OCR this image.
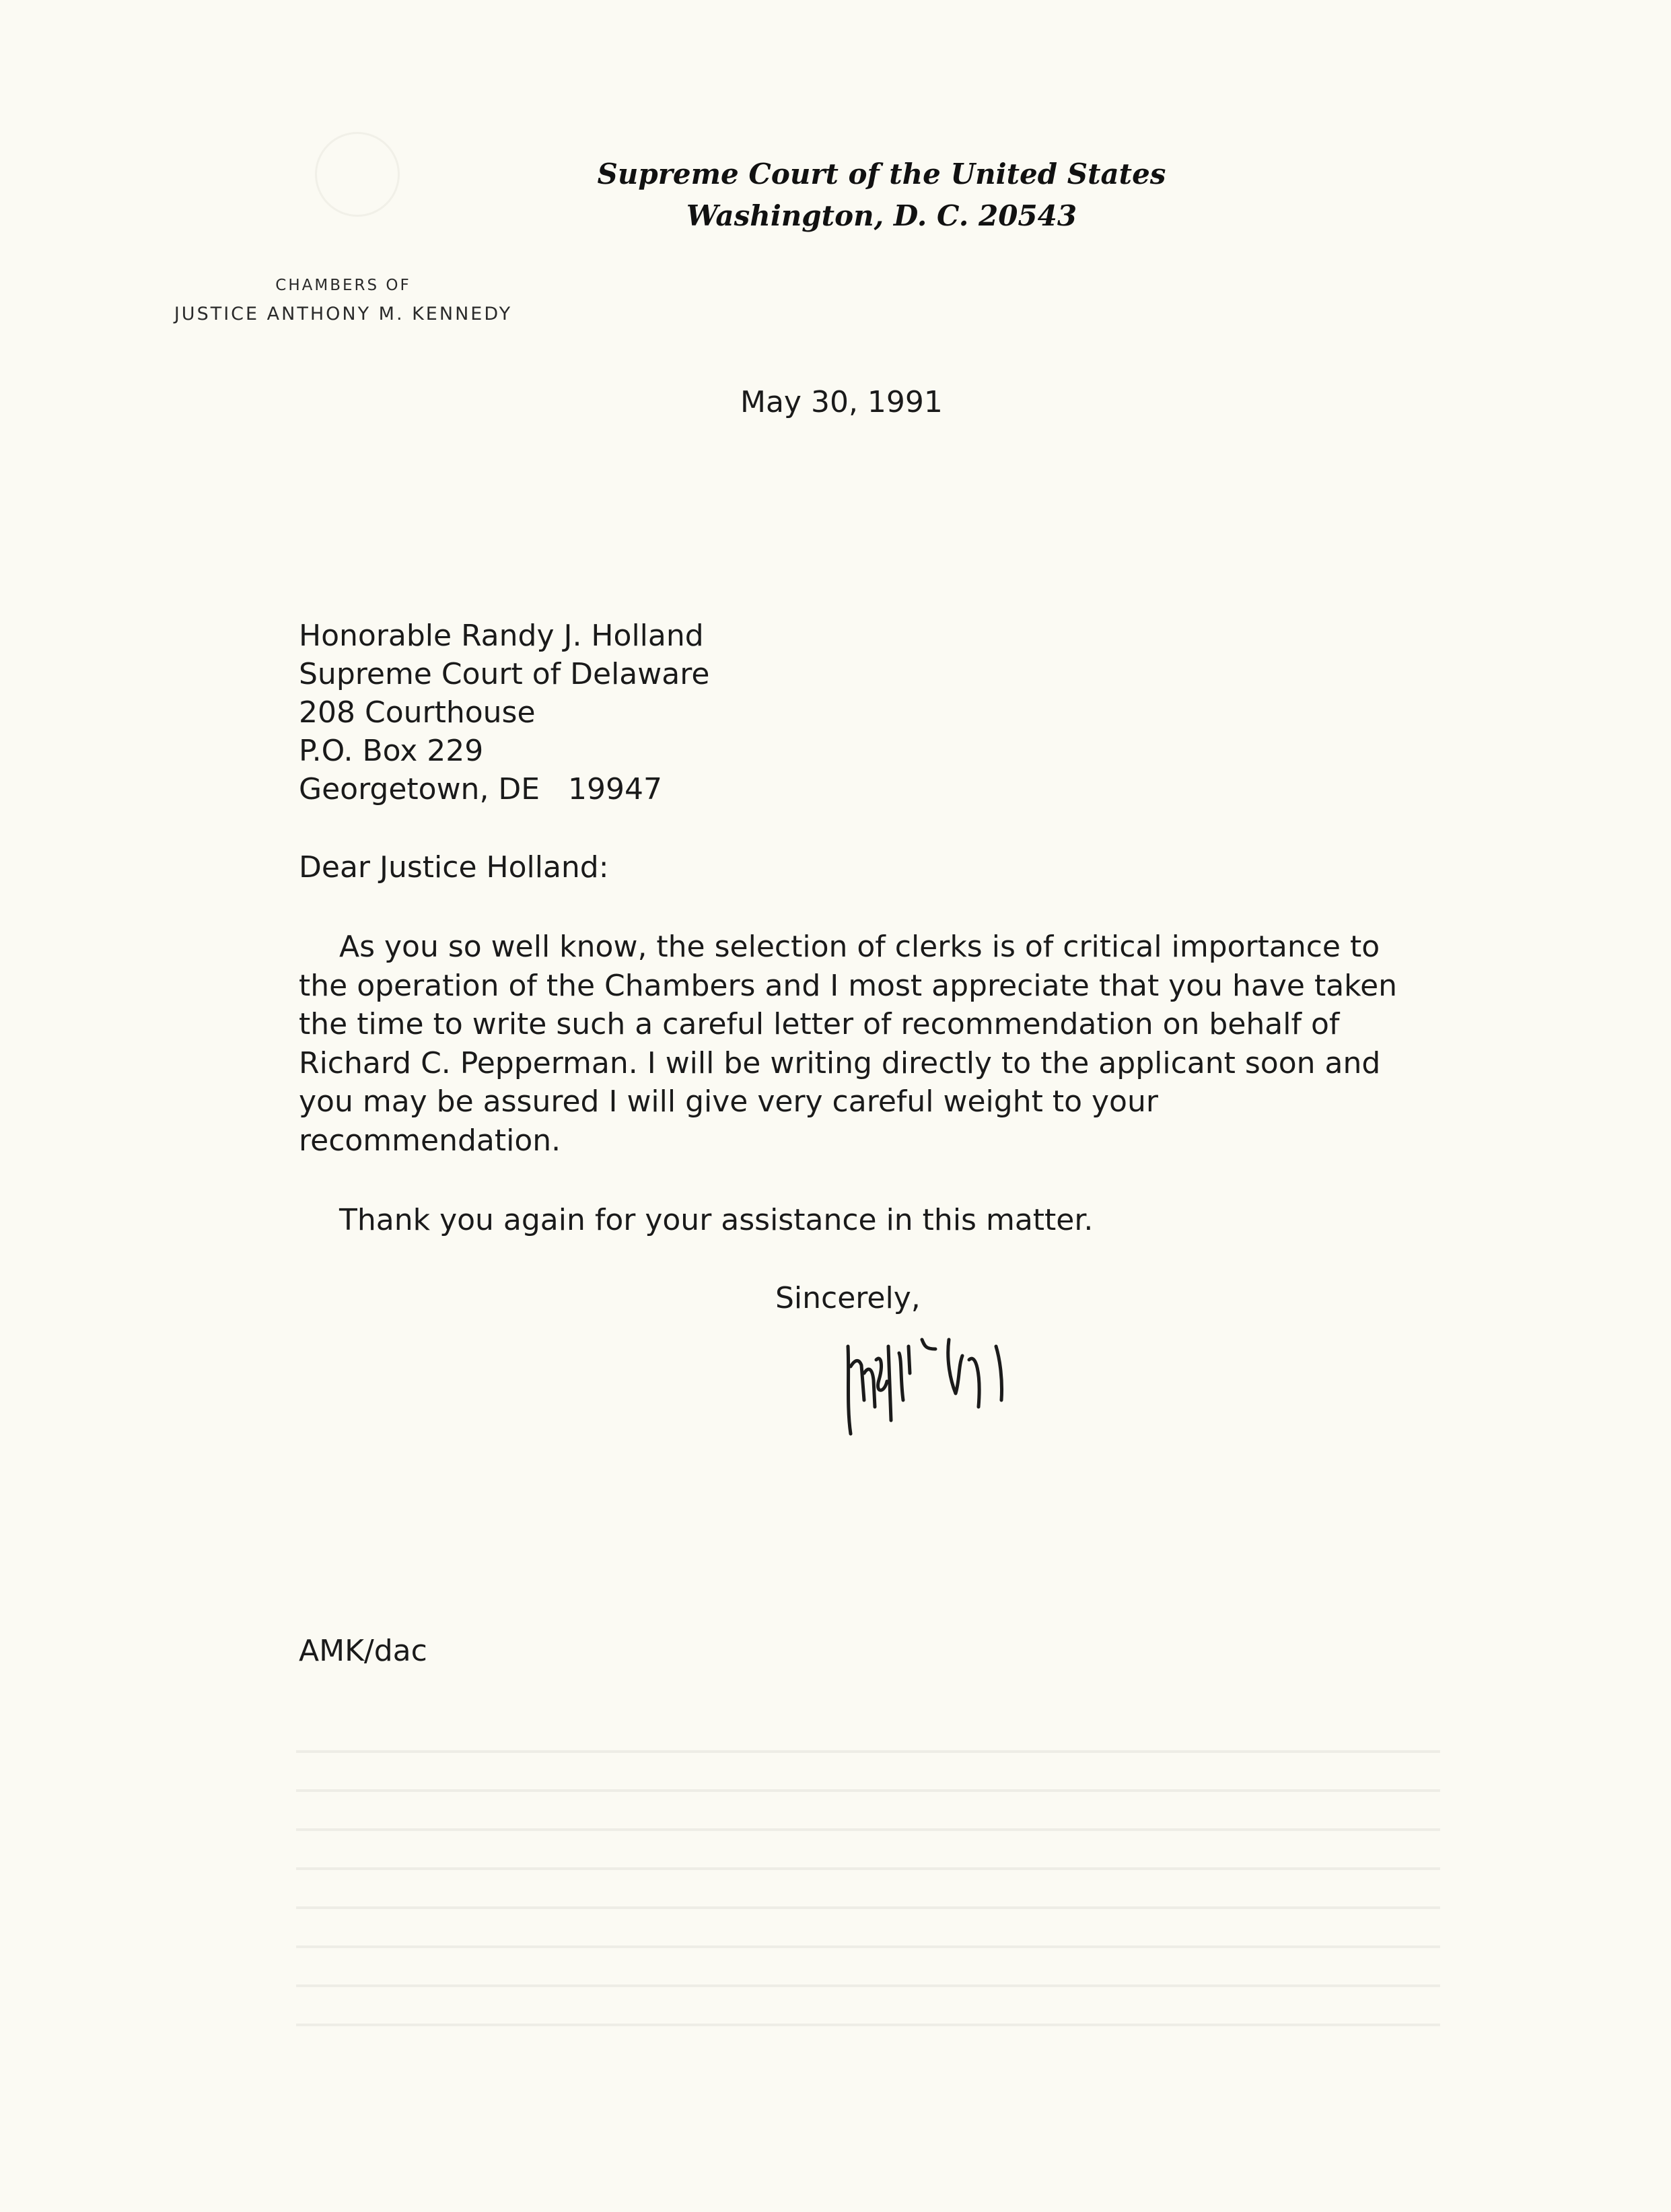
Supreme Court of the United States
Washington, D. C. 20543
CHAMBERS OF
JUSTICE ANTHONY M. KENNEDY
May 30, 1991
Honorable Randy J. Holland
Supreme Court of Delaware
208 Courthouse
P.O. Box 229
Georgetown, DE   19947
Dear Justice Holland:
As you so well know, the selection of clerks is of critical importance to the operation of the Chambers and I most appreciate that you have taken the time to write such a careful letter of recommendation on behalf of Richard C. Pepperman. I will be writing directly to the applicant soon and you may be assured I will give very careful weight to your recommendation.
Thank you again for your assistance in this matter.
Sincerely,
AMK/dac
